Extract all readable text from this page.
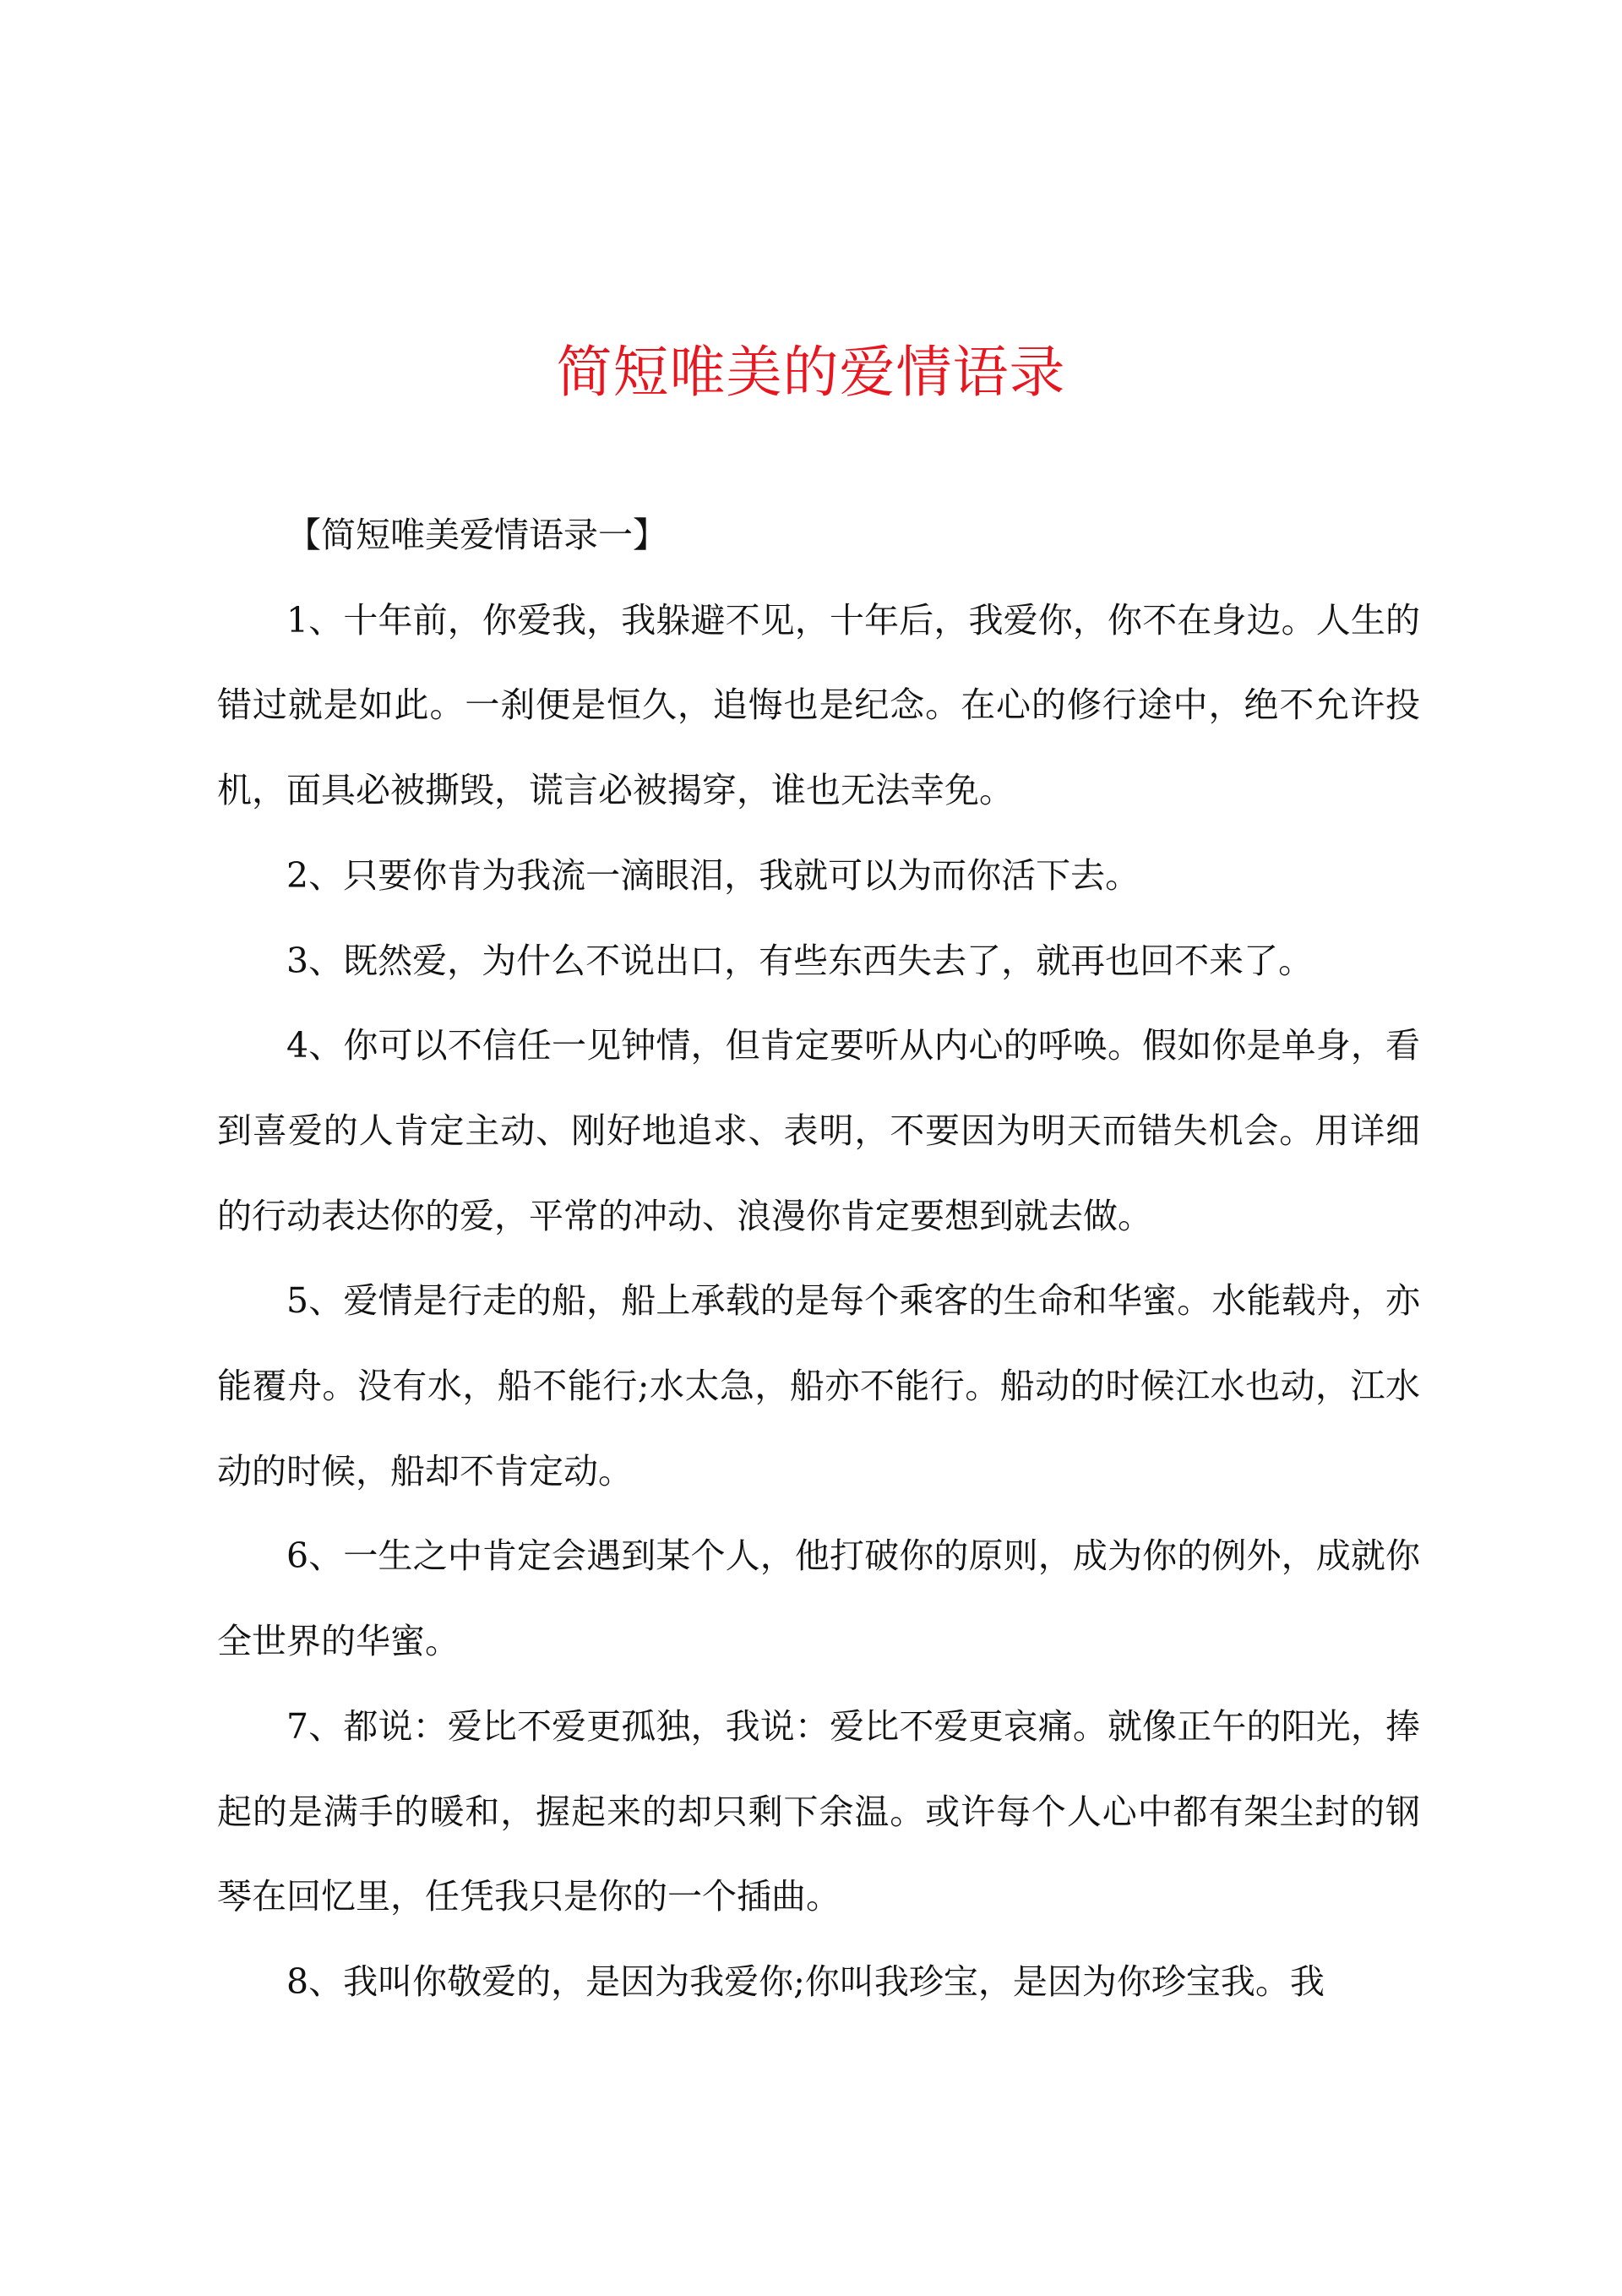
简短唯美的爱情语录

【简短唯美爱情语录一】

1、十年前，你爱我，我躲避不见，十年后，我爱你，你不在身边。人生的错过就是如此。一刹便是恒久，追悔也是纪念。在心的修行途中，绝不允许投机，面具必被撕毁，谎言必被揭穿，谁也无法幸免。

2、只要你肯为我流一滴眼泪，我就可以为而你活下去。

3、既然爱，为什么不说出口，有些东西失去了，就再也回不来了。

4、你可以不信任一见钟情，但肯定要听从内心的呼唤。假如你是单身，看到喜爱的人肯定主动、刚好地追求、表明，不要因为明天而错失机会。用详细的行动表达你的爱，平常的冲动、浪漫你肯定要想到就去做。

5、爱情是行走的船，船上承载的是每个乘客的生命和华蜜。水能载舟，亦能覆舟。没有水，船不能行;水太急，船亦不能行。船动的时候江水也动，江水动的时候，船却不肯定动。

6、一生之中肯定会遇到某个人，他打破你的原则，成为你的例外，成就你全世界的华蜜。

7、都说：爱比不爱更孤独，我说：爱比不爱更哀痛。就像正午的阳光，捧起的是满手的暖和，握起来的却只剩下余温。或许每个人心中都有架尘封的钢琴在回忆里，任凭我只是你的一个插曲。

8、我叫你敬爱的，是因为我爱你;你叫我珍宝，是因为你珍宝我。我
